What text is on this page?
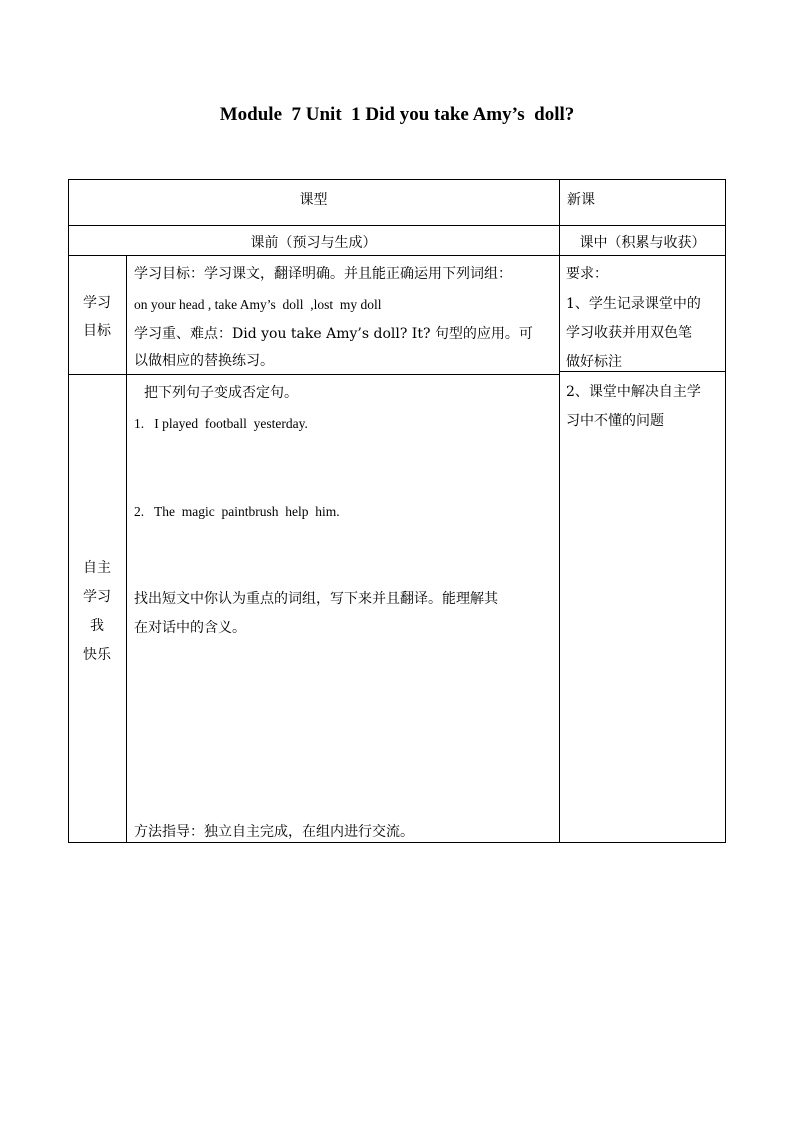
Module  7 Unit  1 Did you take Amy’s  doll?
课型	新课
课前（预习与生成）	课中（积累与收获）
学习
目标
学习目标：学习课文，翻译明确。并且能正确运用下列词组：
on your head , take Amy’s  doll  ,lost  my doll
学习重、难点：Did you take Amy’s doll? It? 句型的应用。可
以做相应的替换练习。
要求：
1、学生记录课堂中的
学习收获并用双色笔
做好标注
2、课堂中解决自主学
习中不懂的问题
自主
学习
我
快乐
把下列句子变成否定句。
1.   I played  football  yesterday.
2.   The  magic  paintbrush  help  him.
找出短文中你认为重点的词组，写下来并且翻译。能理解其
在对话中的含义。
方法指导：独立自主完成，在组内进行交流。
